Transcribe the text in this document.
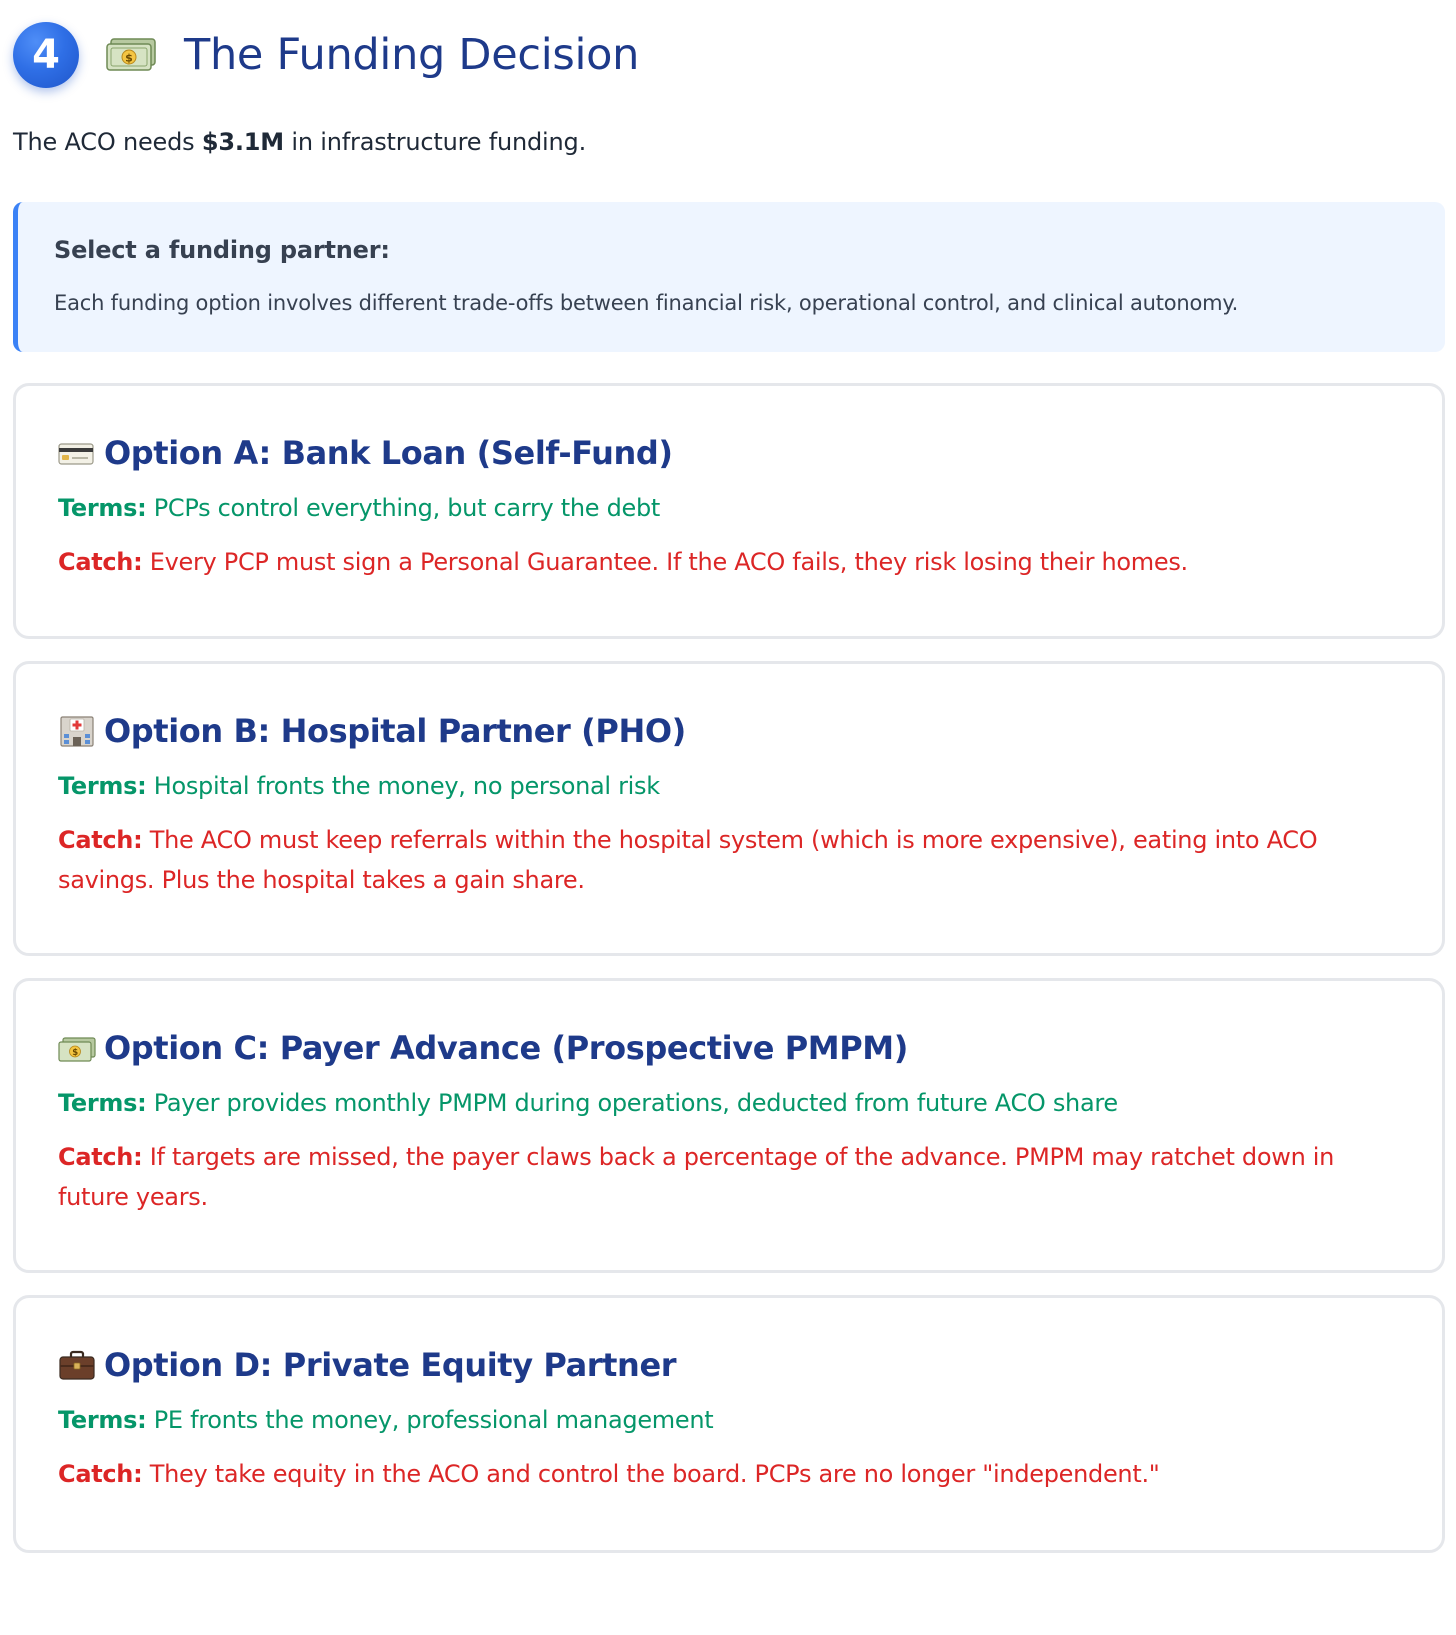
4	$ The Funding Decision
The ACO needs $3.1M in infrastructure funding.
Select a funding partner:
Each funding option involves different trade-offs between financial risk, operational control, and clinical autonomy.
Option A: Bank Loan (Self-Fund)
Terms: PCPs control everything, but carry the debt
Catch: Every PCP must sign a Personal Guarantee. If the ACO fails, they risk losing their homes.
Option B: Hospital Partner (PHO)
Terms: Hospital fronts the money, no personal risk
Catch: The ACO must keep referrals within the hospital system (which is more expensive), eating into ACO savings. Plus the hospital takes a gain share.
$ Option C: Payer Advance (Prospective PMPM)
Terms: Payer provides monthly PMPM during operations, deducted from future ACO share
Catch: If targets are missed, the payer claws back a percentage of the advance. PMPM may ratchet down in future years.
Option D: Private Equity Partner
Terms: PE fronts the money, professional management
Catch: They take equity in the ACO and control the board. PCPs are no longer "independent."
